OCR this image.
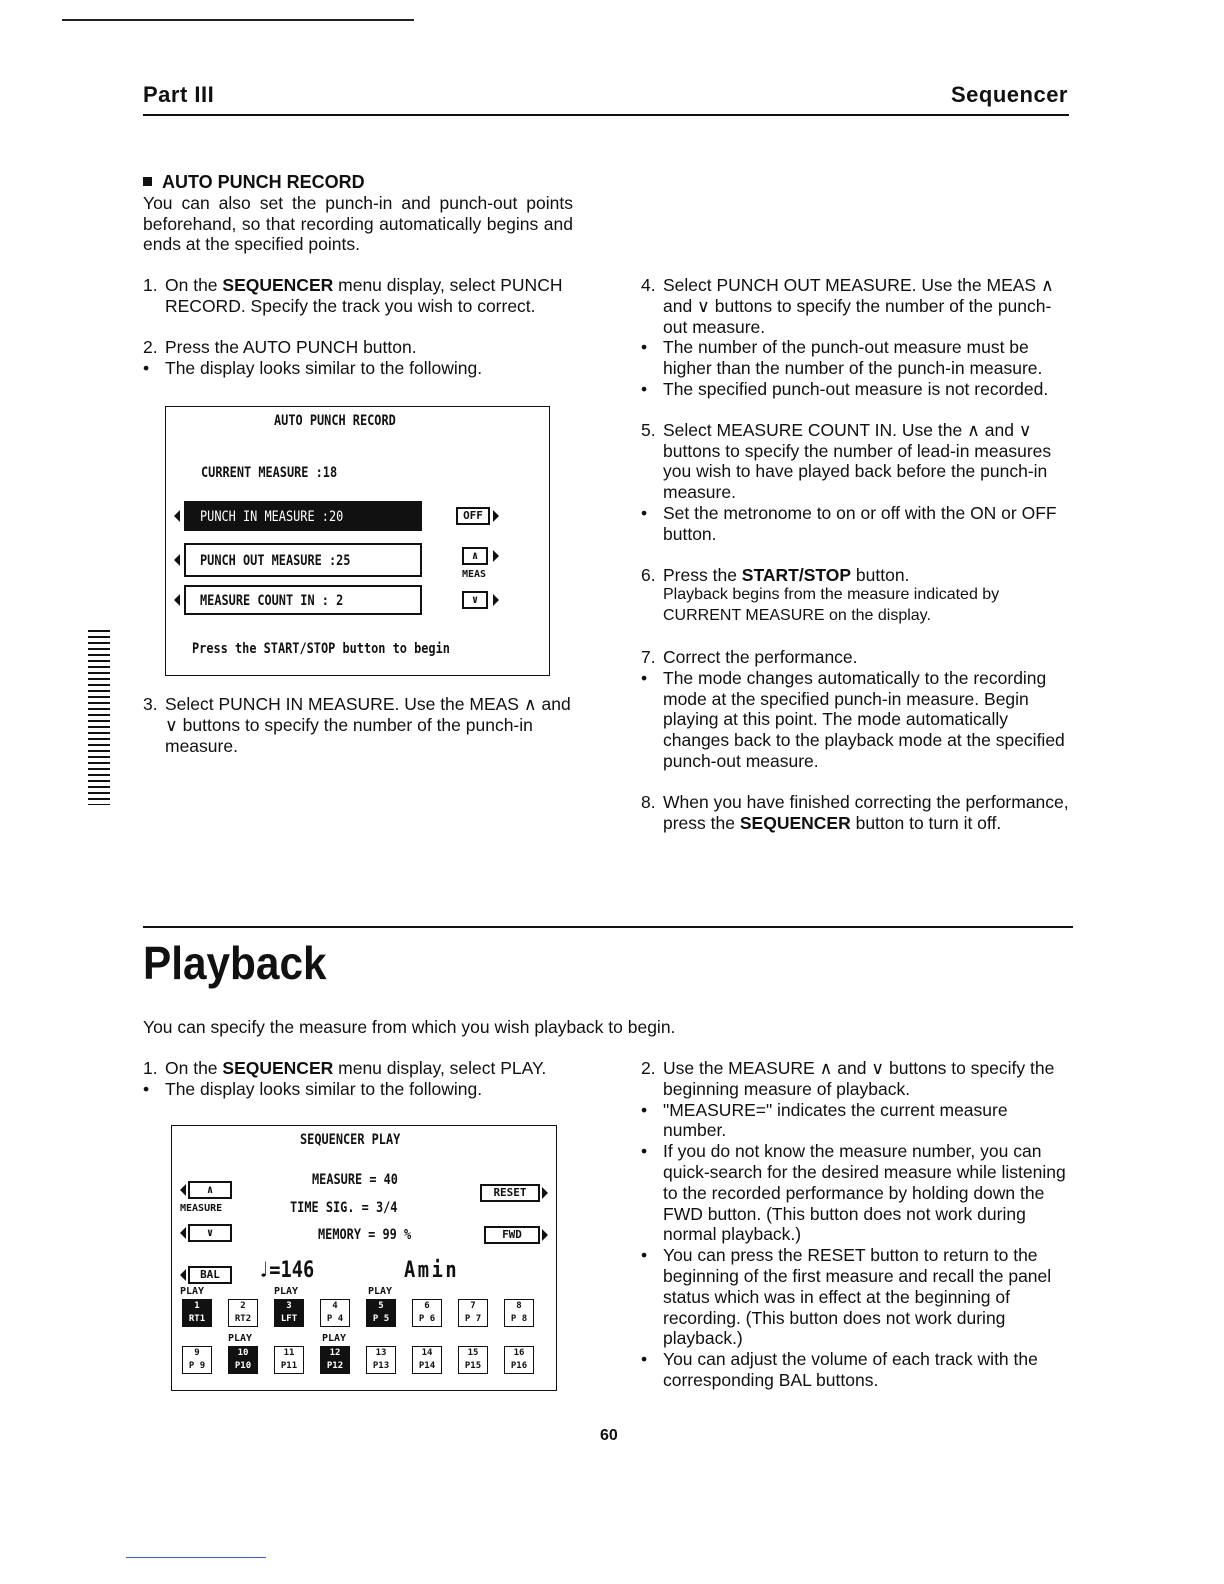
Part III	Sequencer
AUTO PUNCH RECORD
You can also set the punch-in and punch-out points beforehand, so that recording automatically begins and ends at the specified points.
1. On the SEQUENCER menu display, select PUNCH RECORD. Specify the track you wish to correct.
2. Press the AUTO PUNCH button.
• The display looks similar to the following.
AUTO PUNCH RECORD
CURRENT MEASURE :18
PUNCH IN MEASURE :20
PUNCH OUT MEASURE :25
MEASURE COUNT IN : 2
OFF
∧
MEAS
∨
Press the START/STOP button to begin
3. Select PUNCH IN MEASURE. Use the MEAS ∧ and ∨ buttons to specify the number of the punch-in measure.
4. Select PUNCH OUT MEASURE. Use the MEAS ∧ and ∨ buttons to specify the number of the punch-out measure.
• The number of the punch-out measure must be higher than the number of the punch-in measure.
• The specified punch-out measure is not recorded.
5. Select MEASURE COUNT IN. Use the ∧ and ∨ buttons to specify the number of lead-in measures you wish to have played back before the punch-in measure.
• Set the metronome to on or off with the ON or OFF button.
6. Press the START/STOP button.
Playback begins from the measure indicated by CURRENT MEASURE on the display.
7. Correct the performance.
• The mode changes automatically to the recording mode at the specified punch-in measure. Begin playing at this point. The mode automatically changes back to the playback mode at the specified punch-out measure.
8. When you have finished correcting the performance, press the SEQUENCER button to turn it off.
Playback
You can specify the measure from which you wish playback to begin.
1. On the SEQUENCER menu display, select PLAY.
• The display looks similar to the following.
SEQUENCER PLAY
∧
MEASURE
∨
MEASURE = 40
TIME SIG. = 3/4
MEMORY = 99 %
RESET
FWD
BAL	♩=146	Amin
PLAY	PLAY	PLAY
1
RT1
2
RT2
3
LFT
4
P 4
5
P 5
6
P 6
7
P 7
8
P 8
PLAY	PLAY
9
P 9
10
P10
11
P11
12
P12
13
P13
14
P14
15
P15
16
P16
2. Use the MEASURE ∧ and ∨ buttons to specify the beginning measure of playback.
• "MEASURE=" indicates the current measure number.
• If you do not know the measure number, you can quick-search for the desired measure while listening to the recorded performance by holding down the FWD button. (This button does not work during normal playback.)
• You can press the RESET button to return to the beginning of the first measure and recall the panel status which was in effect at the beginning of recording. (This button does not work during playback.)
• You can adjust the volume of each track with the corresponding BAL buttons.
60
